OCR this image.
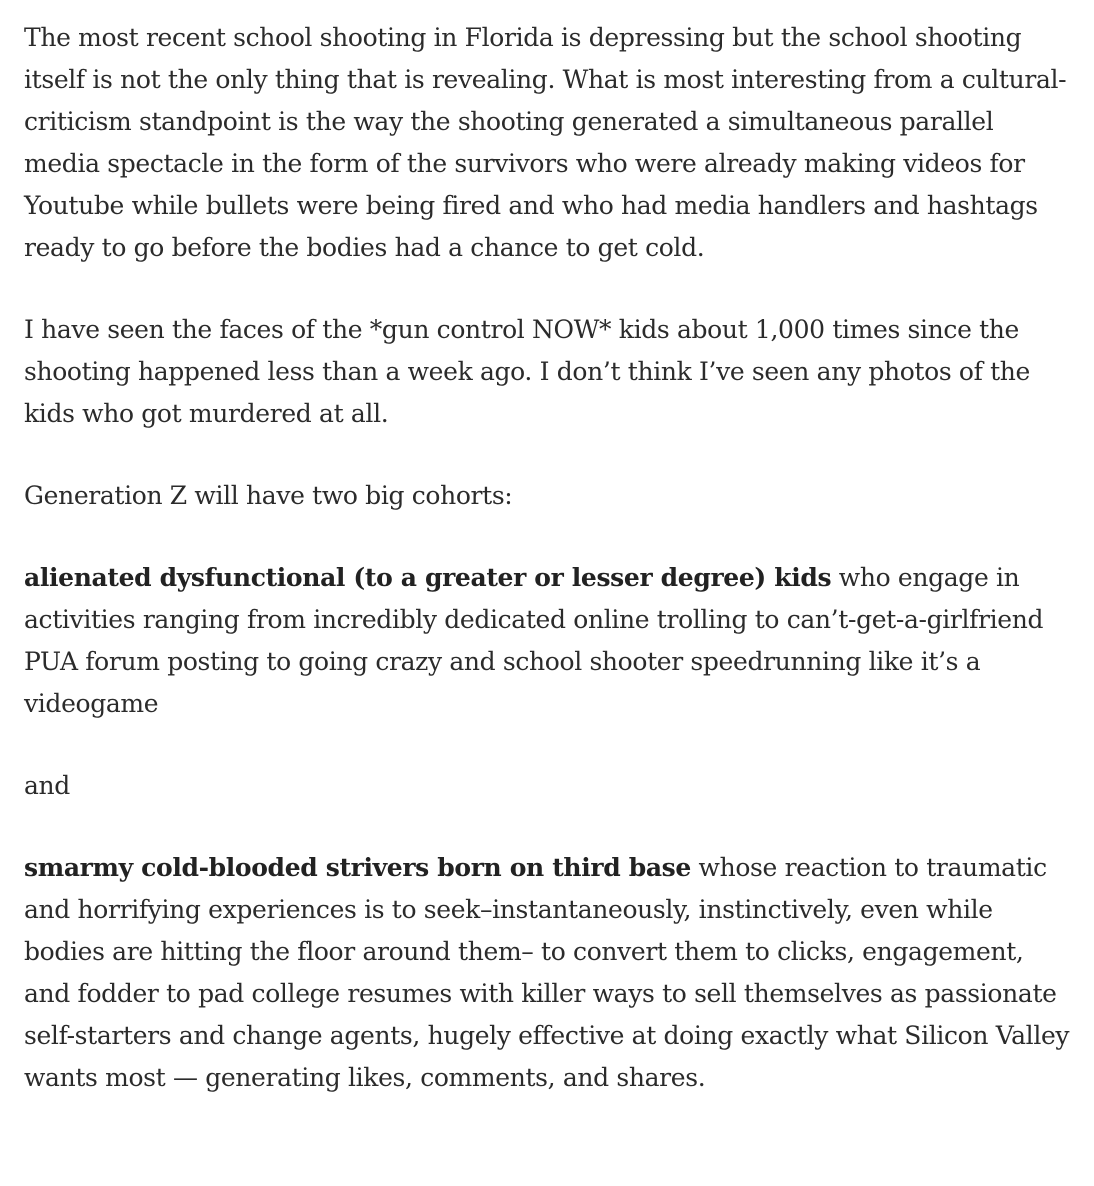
The most recent school shooting in Florida is depressing but the school shooting itself is not the only thing that is revealing. What is most interesting from a cultural-criticism standpoint is the way the shooting generated a simultaneous parallel media spectacle in the form of the survivors who were already making videos for Youtube while bullets were being fired and who had media handlers and hashtags ready to go before the bodies had a chance to get cold.

I have seen the faces of the *gun control NOW* kids about 1,000 times since the shooting happened less than a week ago. I don’t think I’ve seen any photos of the kids who got murdered at all.

Generation Z will have two big cohorts:

alienated dysfunctional (to a greater or lesser degree) kids who engage in activities ranging from incredibly dedicated online trolling to can’t-get-a-girlfriend PUA forum posting to going crazy and school shooter speedrunning like it’s a videogame

and

smarmy cold-blooded strivers born on third base whose reaction to traumatic and horrifying experiences is to seek–instantaneously, instinctively, even while bodies are hitting the floor around them– to convert them to clicks, engagement, and fodder to pad college resumes with killer ways to sell themselves as passionate self-starters and change agents, hugely effective at doing exactly what Silicon Valley wants most — generating likes, comments, and shares.
